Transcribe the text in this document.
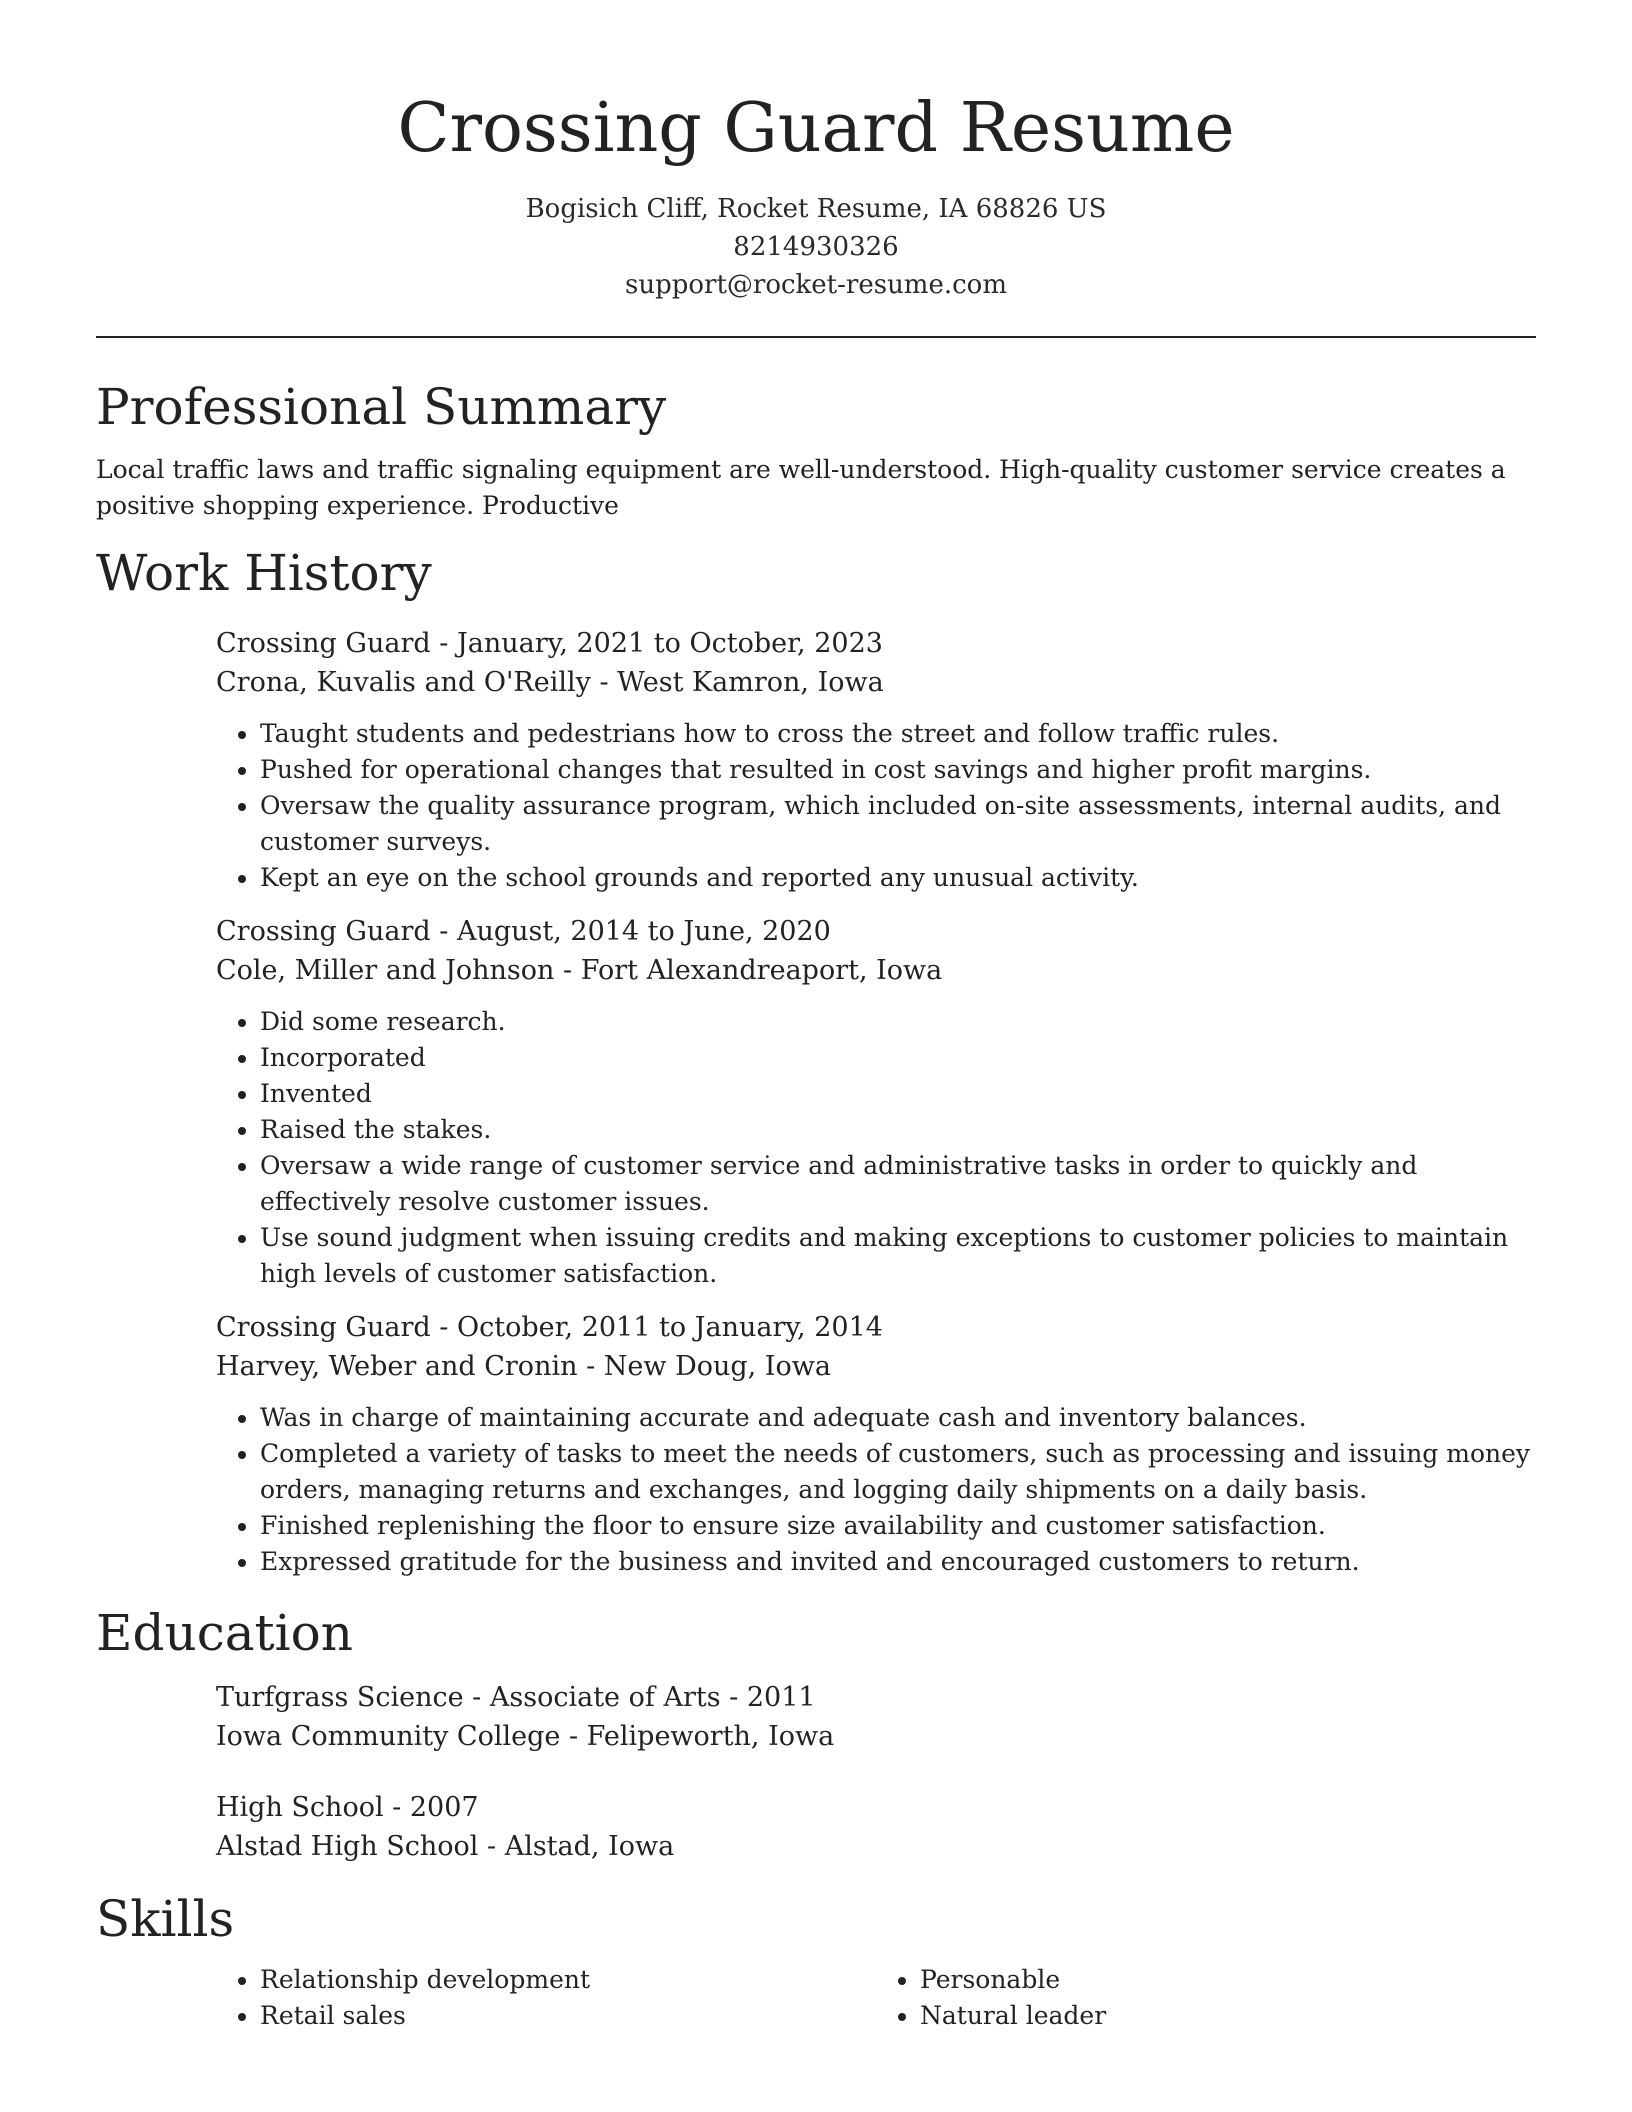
Crossing Guard Resume
Bogisich Cliff, Rocket Resume, IA 68826 US
8214930326
support@rocket-resume.com
Professional Summary

Local traffic laws and traffic signaling equipment are well-understood. High-quality customer service creates a positive shopping experience. Productive

Work History
Crossing Guard - January, 2021 to October, 2023
Crona, Kuvalis and O'Reilly - West Kamron, Iowa
• Taught students and pedestrians how to cross the street and follow traffic rules.
• Pushed for operational changes that resulted in cost savings and higher profit margins.
• Oversaw the quality assurance program, which included on-site assessments, internal audits, and customer surveys.
• Kept an eye on the school grounds and reported any unusual activity.
Crossing Guard - August, 2014 to June, 2020
Cole, Miller and Johnson - Fort Alexandreaport, Iowa
• Did some research.
• Incorporated
• Invented
• Raised the stakes.
• Oversaw a wide range of customer service and administrative tasks in order to quickly and effectively resolve customer issues.
• Use sound judgment when issuing credits and making exceptions to customer policies to maintain high levels of customer satisfaction.
Crossing Guard - October, 2011 to January, 2014
Harvey, Weber and Cronin - New Doug, Iowa
• Was in charge of maintaining accurate and adequate cash and inventory balances.
• Completed a variety of tasks to meet the needs of customers, such as processing and issuing money orders, managing returns and exchanges, and logging daily shipments on a daily basis.
• Finished replenishing the floor to ensure size availability and customer satisfaction.
• Expressed gratitude for the business and invited and encouraged customers to return.
Education
Turfgrass Science - Associate of Arts - 2011
Iowa Community College - Felipeworth, Iowa
High School - 2007
Alstad High School - Alstad, Iowa
Skills
• Relationship development
• Retail sales
• Personable
• Natural leader
